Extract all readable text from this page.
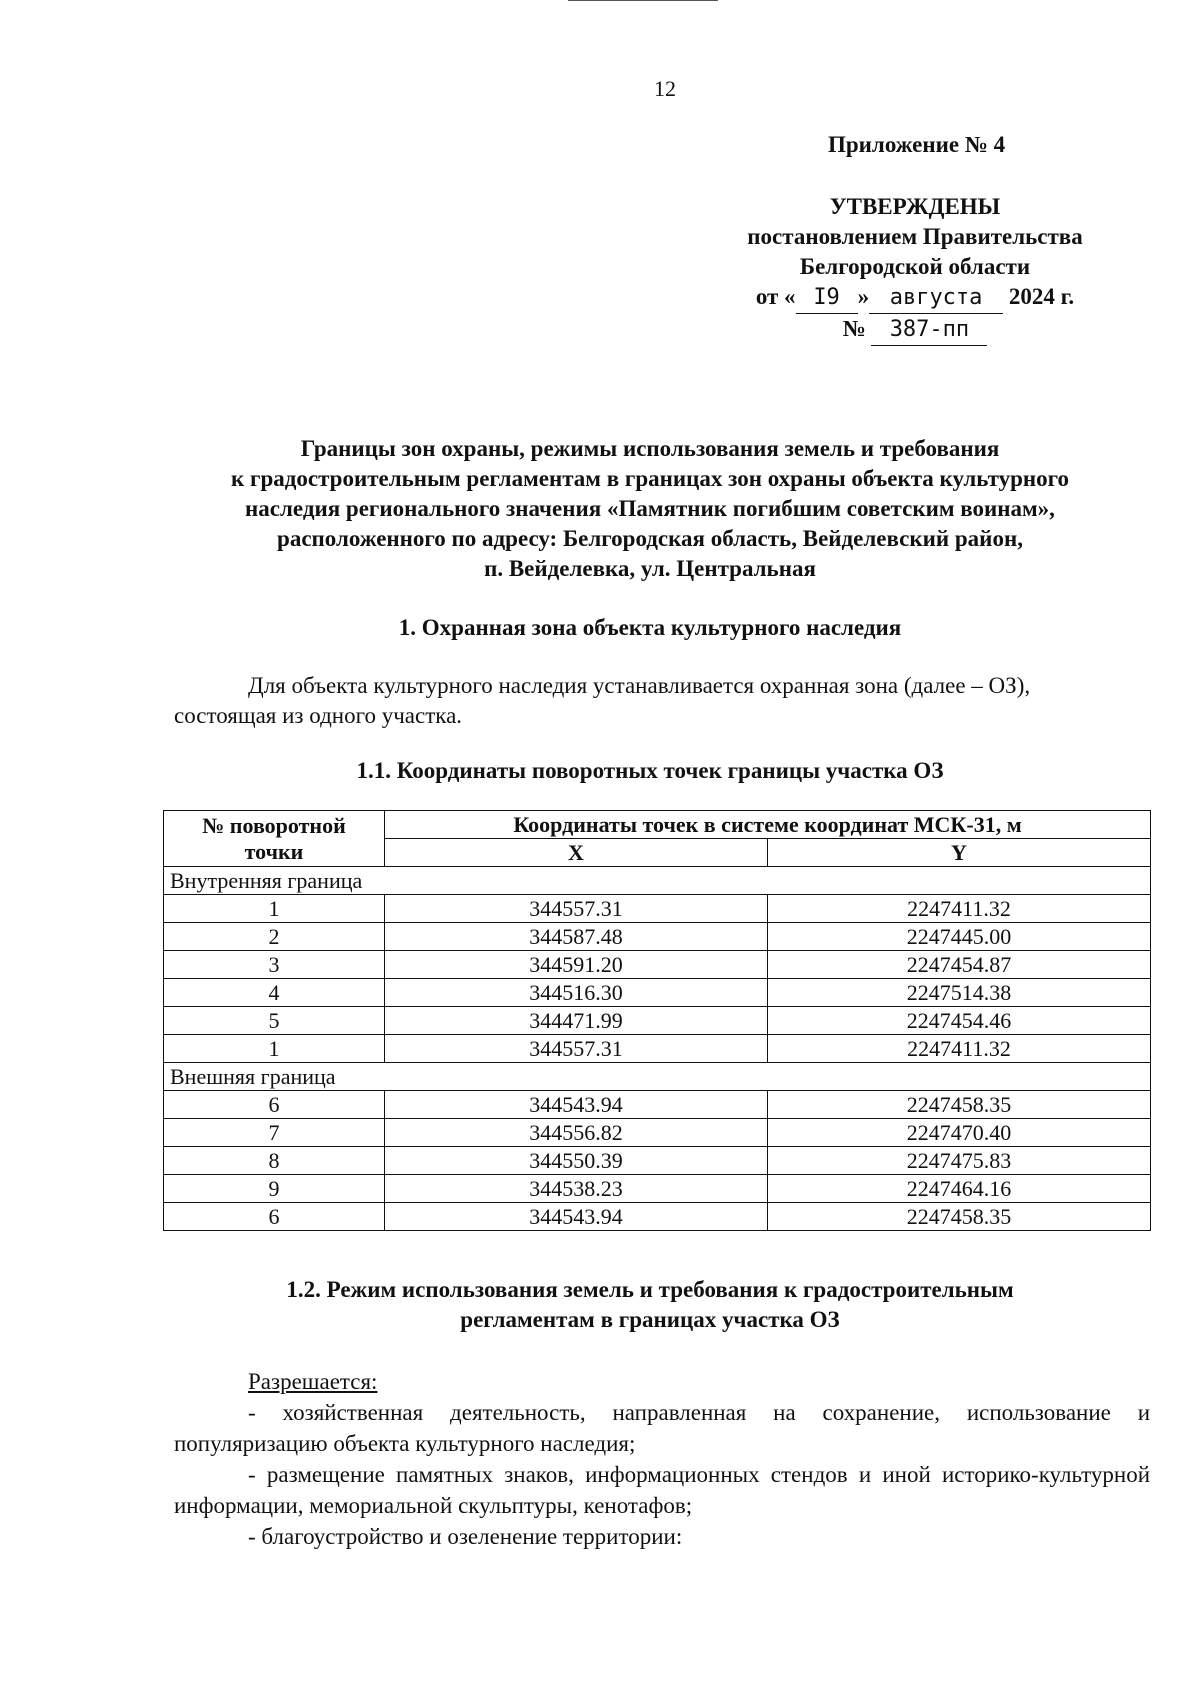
12
Приложение № 4
УТВЕРЖДЕНЫ
постановлением Правительства
Белгородской области
от « I9 » августа 2024 г.
№ 387-пп
Границы зон охраны, режимы использования земель и требования
к градостроительным регламентам в границах зон охраны объекта культурного
наследия регионального значения «Памятник погибшим советским воинам»,
расположенного по адресу: Белгородская область, Вейделевский район,
п. Вейделевка, ул. Центральная
1. Охранная зона объекта культурного наследия
Для объекта культурного наследия устанавливается охранная зона (далее – ОЗ),
состоящая из одного участка.
1.1. Координаты поворотных точек границы участка ОЗ
№ поворотной
точки	Координаты точек в системе координат МСК-31, м	
	X	Y
Внутренняя граница		
1	344557.31	2247411.32
2	344587.48	2247445.00
3	344591.20	2247454.87
4	344516.30	2247514.38
5	344471.99	2247454.46
1	344557.31	2247411.32
Внешняя граница		
6	344543.94	2247458.35
7	344556.82	2247470.40
8	344550.39	2247475.83
9	344538.23	2247464.16
6	344543.94	2247458.35
1.2. Режим использования земель и требования к градостроительным
регламентам в границах участка ОЗ
Разрешается:
- хозяйственная деятельность, направленная на сохранение, использование и популяризацию объекта культурного наследия;
- размещение памятных знаков, информационных стендов и иной историко-культурной информации, мемориальной скульптуры, кенотафов;
- благоустройство и озеленение территории:
